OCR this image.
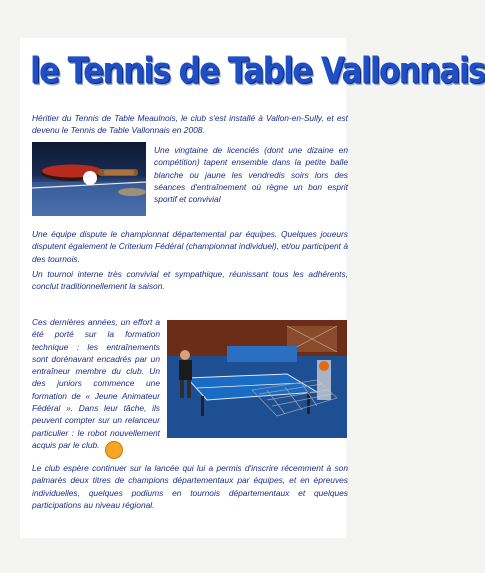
le Tennis de Table Vallonnais

Héritier du Tennis de Table Meaulnois, le club s'est installé à Vallon-en-Sully, et est devenu le Tennis de Table Vallonnais en 2008.

Une vingtaine de licenciés (dont une dizaine en compétition) tapent ensemble dans la petite balle blanche ou jaune les vendredis soirs lors des séances d'entraînement où règne un bon esprit sportif et convivial

Une équipe dispute le championnat départemental par équipes. Quelques joueurs disputent également le Criterium Fédéral (championnat individuel), et/ou participent à des tournois.

Un tournoi interne très convivial et sympathique, réunissant tous les adhérents, conclut traditionnellement la saison.

Ces dernières années, un effort a été porté sur la formation technique : les entraînements sont dorénavant encadrés par un entraîneur membre du club. Un des juniors commence une formation de « Jeune Animateur Fédéral ». Dans leur tâche, ils peuvent compter sur un relanceur particulier : le robot nouvellement acquis par le club.

Le club espère continuer sur la lancée qui lui a permis d'inscrire récemment à son palmarès deux titres de champions départementaux par équipes, et en épreuves individuelles, quelques podiums en tournois départementaux et quelques participations au niveau régional.
